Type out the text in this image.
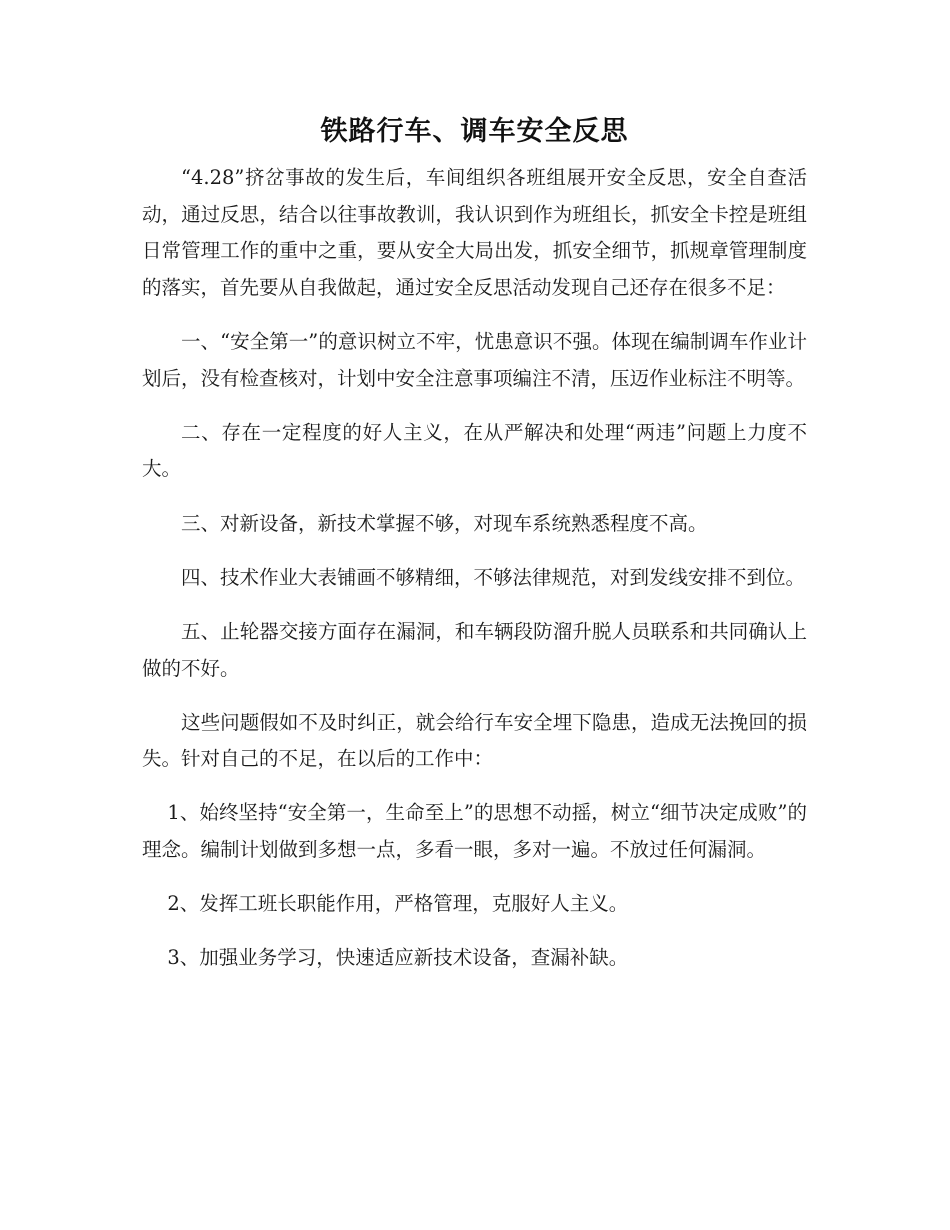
铁路行车、调车安全反思

“4.28”挤岔事故的发生后，车间组织各班组展开安全反思，安全自查活动，通过反思，结合以往事故教训，我认识到作为班组长，抓安全卡控是班组日常管理工作的重中之重，要从安全大局出发，抓安全细节，抓规章管理制度的落实，首先要从自我做起，通过安全反思活动发现自己还存在很多不足：

一、“安全第一”的意识树立不牢，忧患意识不强。体现在编制调车作业计划后，没有检查核对，计划中安全注意事项编注不清，压迈作业标注不明等。

二、存在一定程度的好人主义，在从严解决和处理“两违”问题上力度不大。

三、对新设备，新技术掌握不够，对现车系统熟悉程度不高。

四、技术作业大表铺画不够精细，不够法律规范，对到发线安排不到位。

五、止轮器交接方面存在漏洞，和车辆段防溜升脱人员联系和共同确认上做的不好。

这些问题假如不及时纠正，就会给行车安全埋下隐患，造成无法挽回的损失。针对自己的不足，在以后的工作中：

1、始终坚持“安全第一，生命至上”的思想不动摇，树立“细节决定成败”的理念。编制计划做到多想一点，多看一眼，多对一遍。不放过任何漏洞。

2、发挥工班长职能作用，严格管理，克服好人主义。

3、加强业务学习，快速适应新技术设备，查漏补缺。
